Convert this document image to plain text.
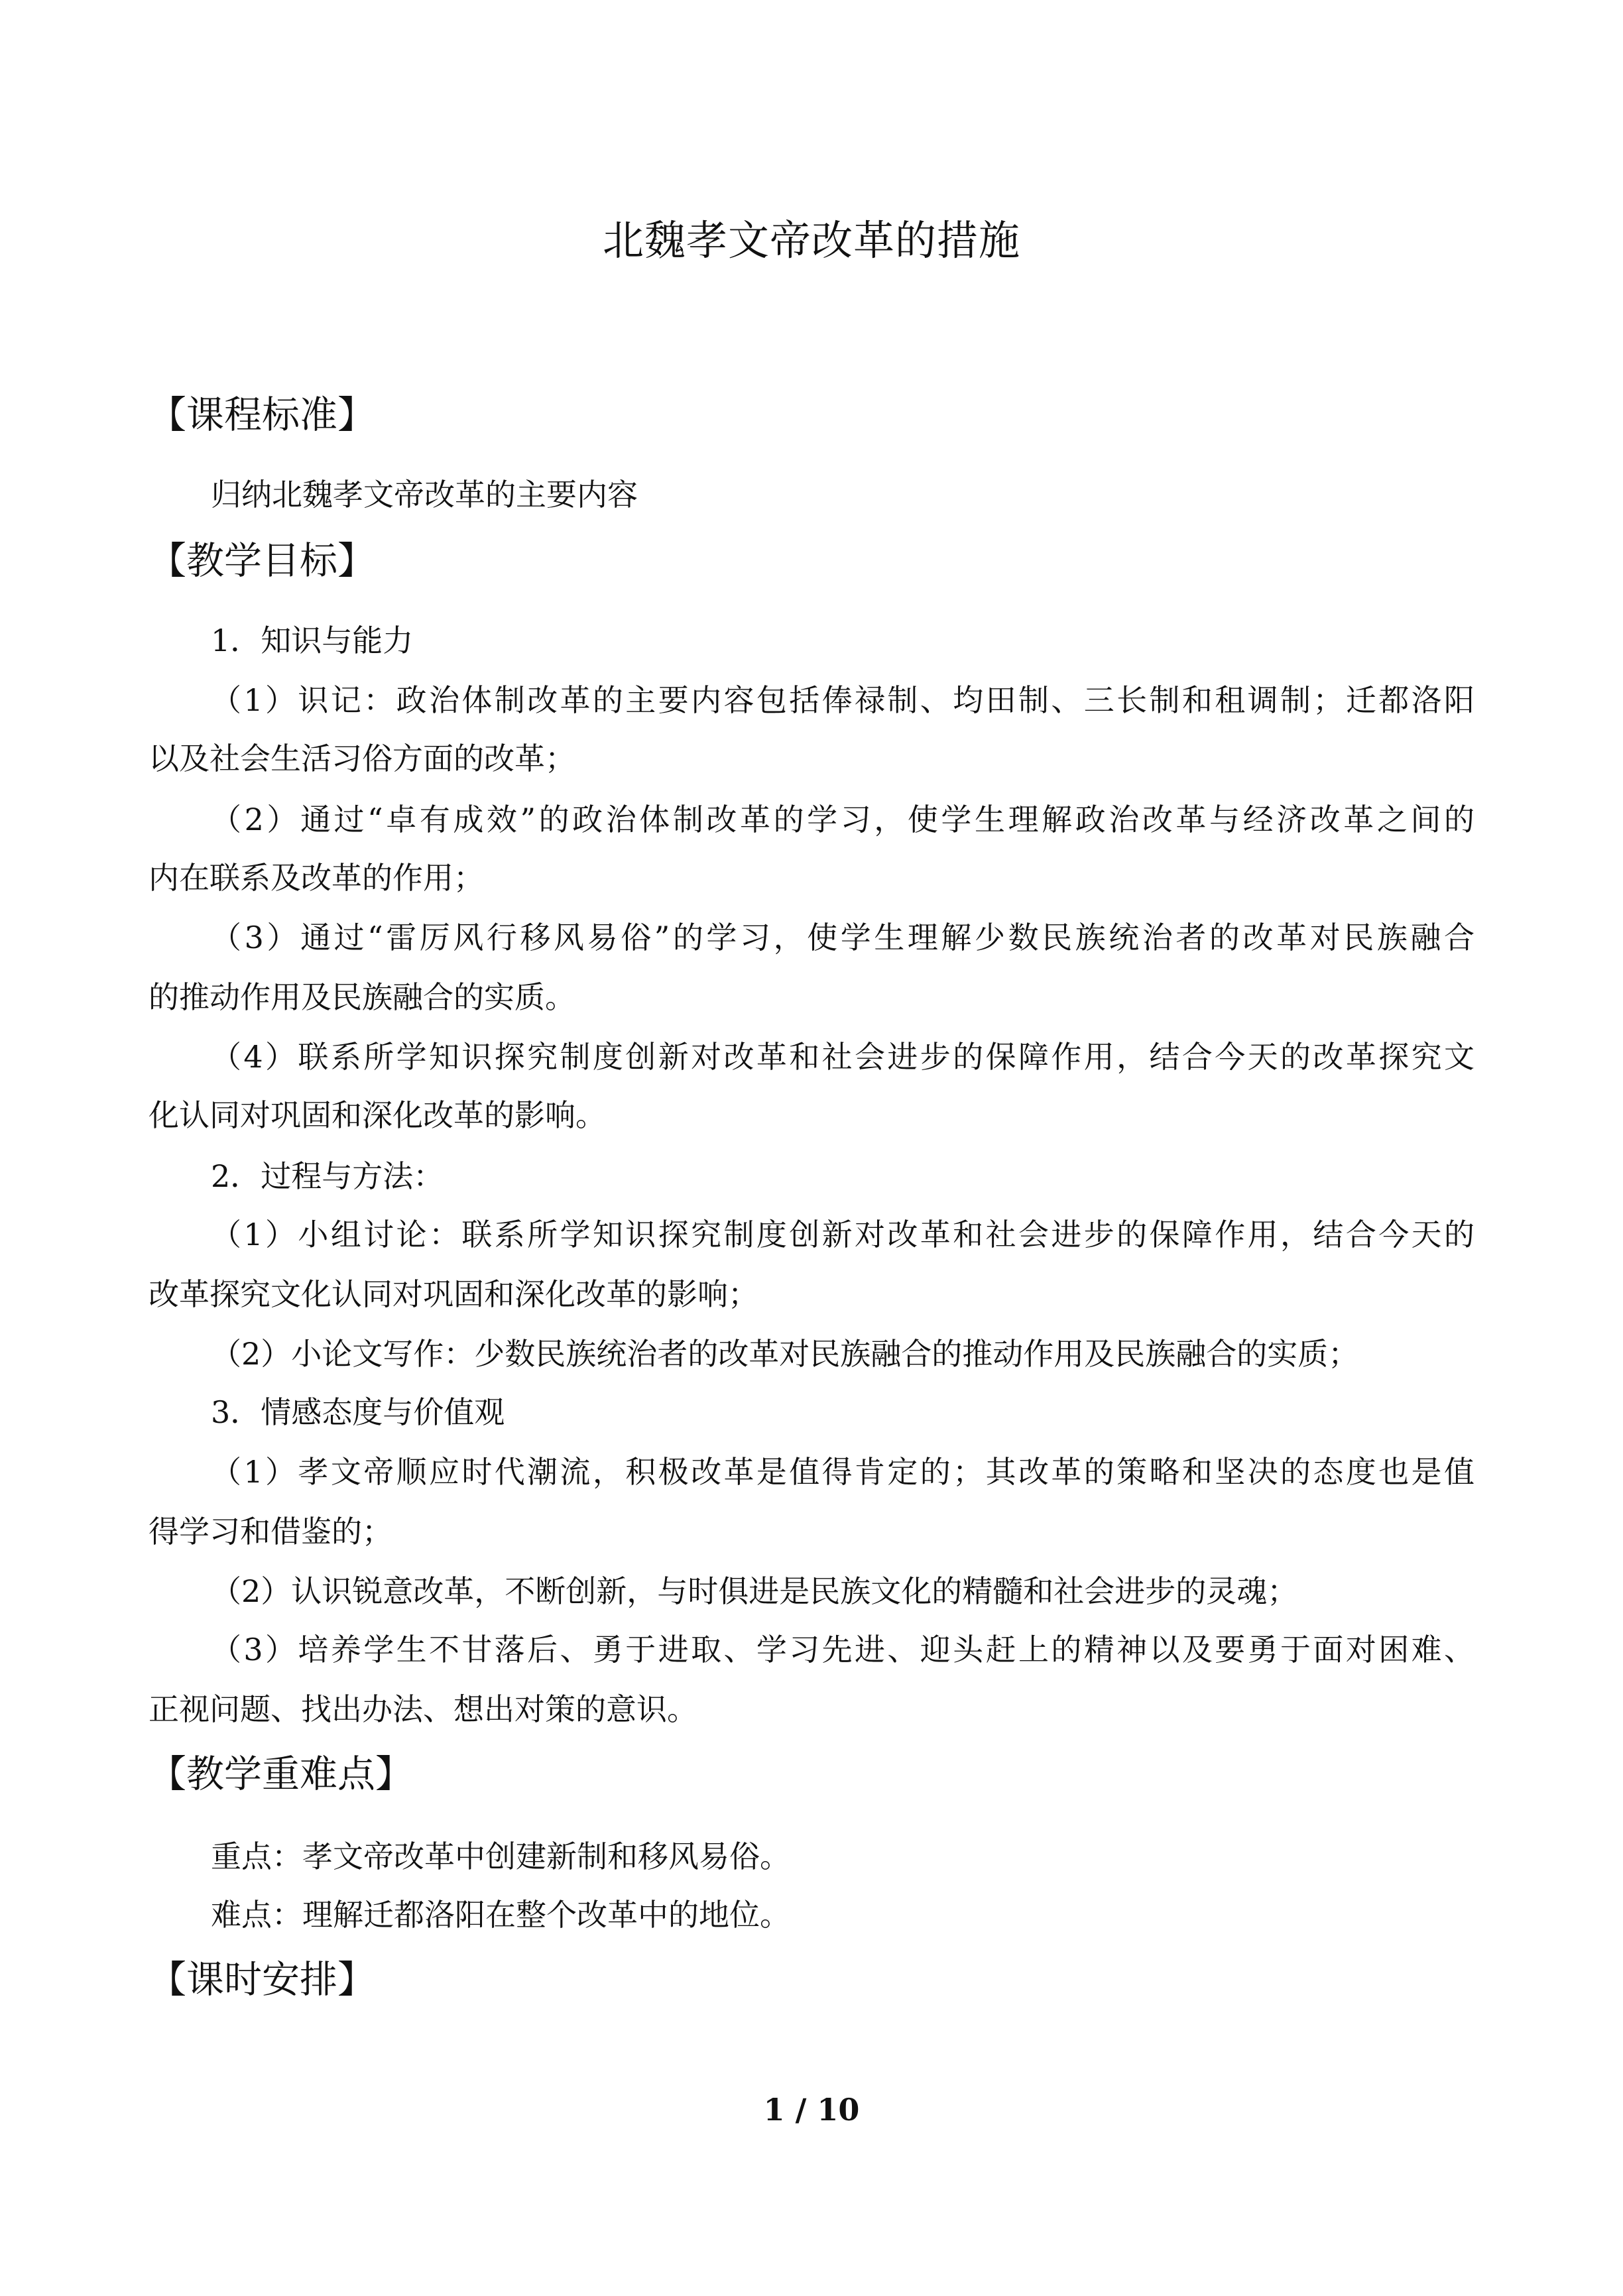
北魏孝文帝改革的措施
【课程标准】
归纳北魏孝文帝改革的主要内容
【教学目标】
1．知识与能力
（1）识记：政治体制改革的主要内容包括俸禄制、均田制、三长制和租调制；迁都洛阳
以及社会生活习俗方面的改革；
（2）通过“卓有成效”的政治体制改革的学习，使学生理解政治改革与经济改革之间的
内在联系及改革的作用；
（3）通过“雷厉风行移风易俗”的学习，使学生理解少数民族统治者的改革对民族融合
的推动作用及民族融合的实质。
（4）联系所学知识探究制度创新对改革和社会进步的保障作用，结合今天的改革探究文
化认同对巩固和深化改革的影响。
2．过程与方法：
（1）小组讨论：联系所学知识探究制度创新对改革和社会进步的保障作用，结合今天的
改革探究文化认同对巩固和深化改革的影响；
（2）小论文写作：少数民族统治者的改革对民族融合的推动作用及民族融合的实质；
3．情感态度与价值观
（1）孝文帝顺应时代潮流，积极改革是值得肯定的；其改革的策略和坚决的态度也是值
得学习和借鉴的；
（2）认识锐意改革，不断创新，与时俱进是民族文化的精髓和社会进步的灵魂；
（3）培养学生不甘落后、勇于进取、学习先进、迎头赶上的精神以及要勇于面对困难、
正视问题、找出办法、想出对策的意识。
【教学重难点】
重点：孝文帝改革中创建新制和移风易俗。
难点：理解迁都洛阳在整个改革中的地位。
【课时安排】
1 / 10
